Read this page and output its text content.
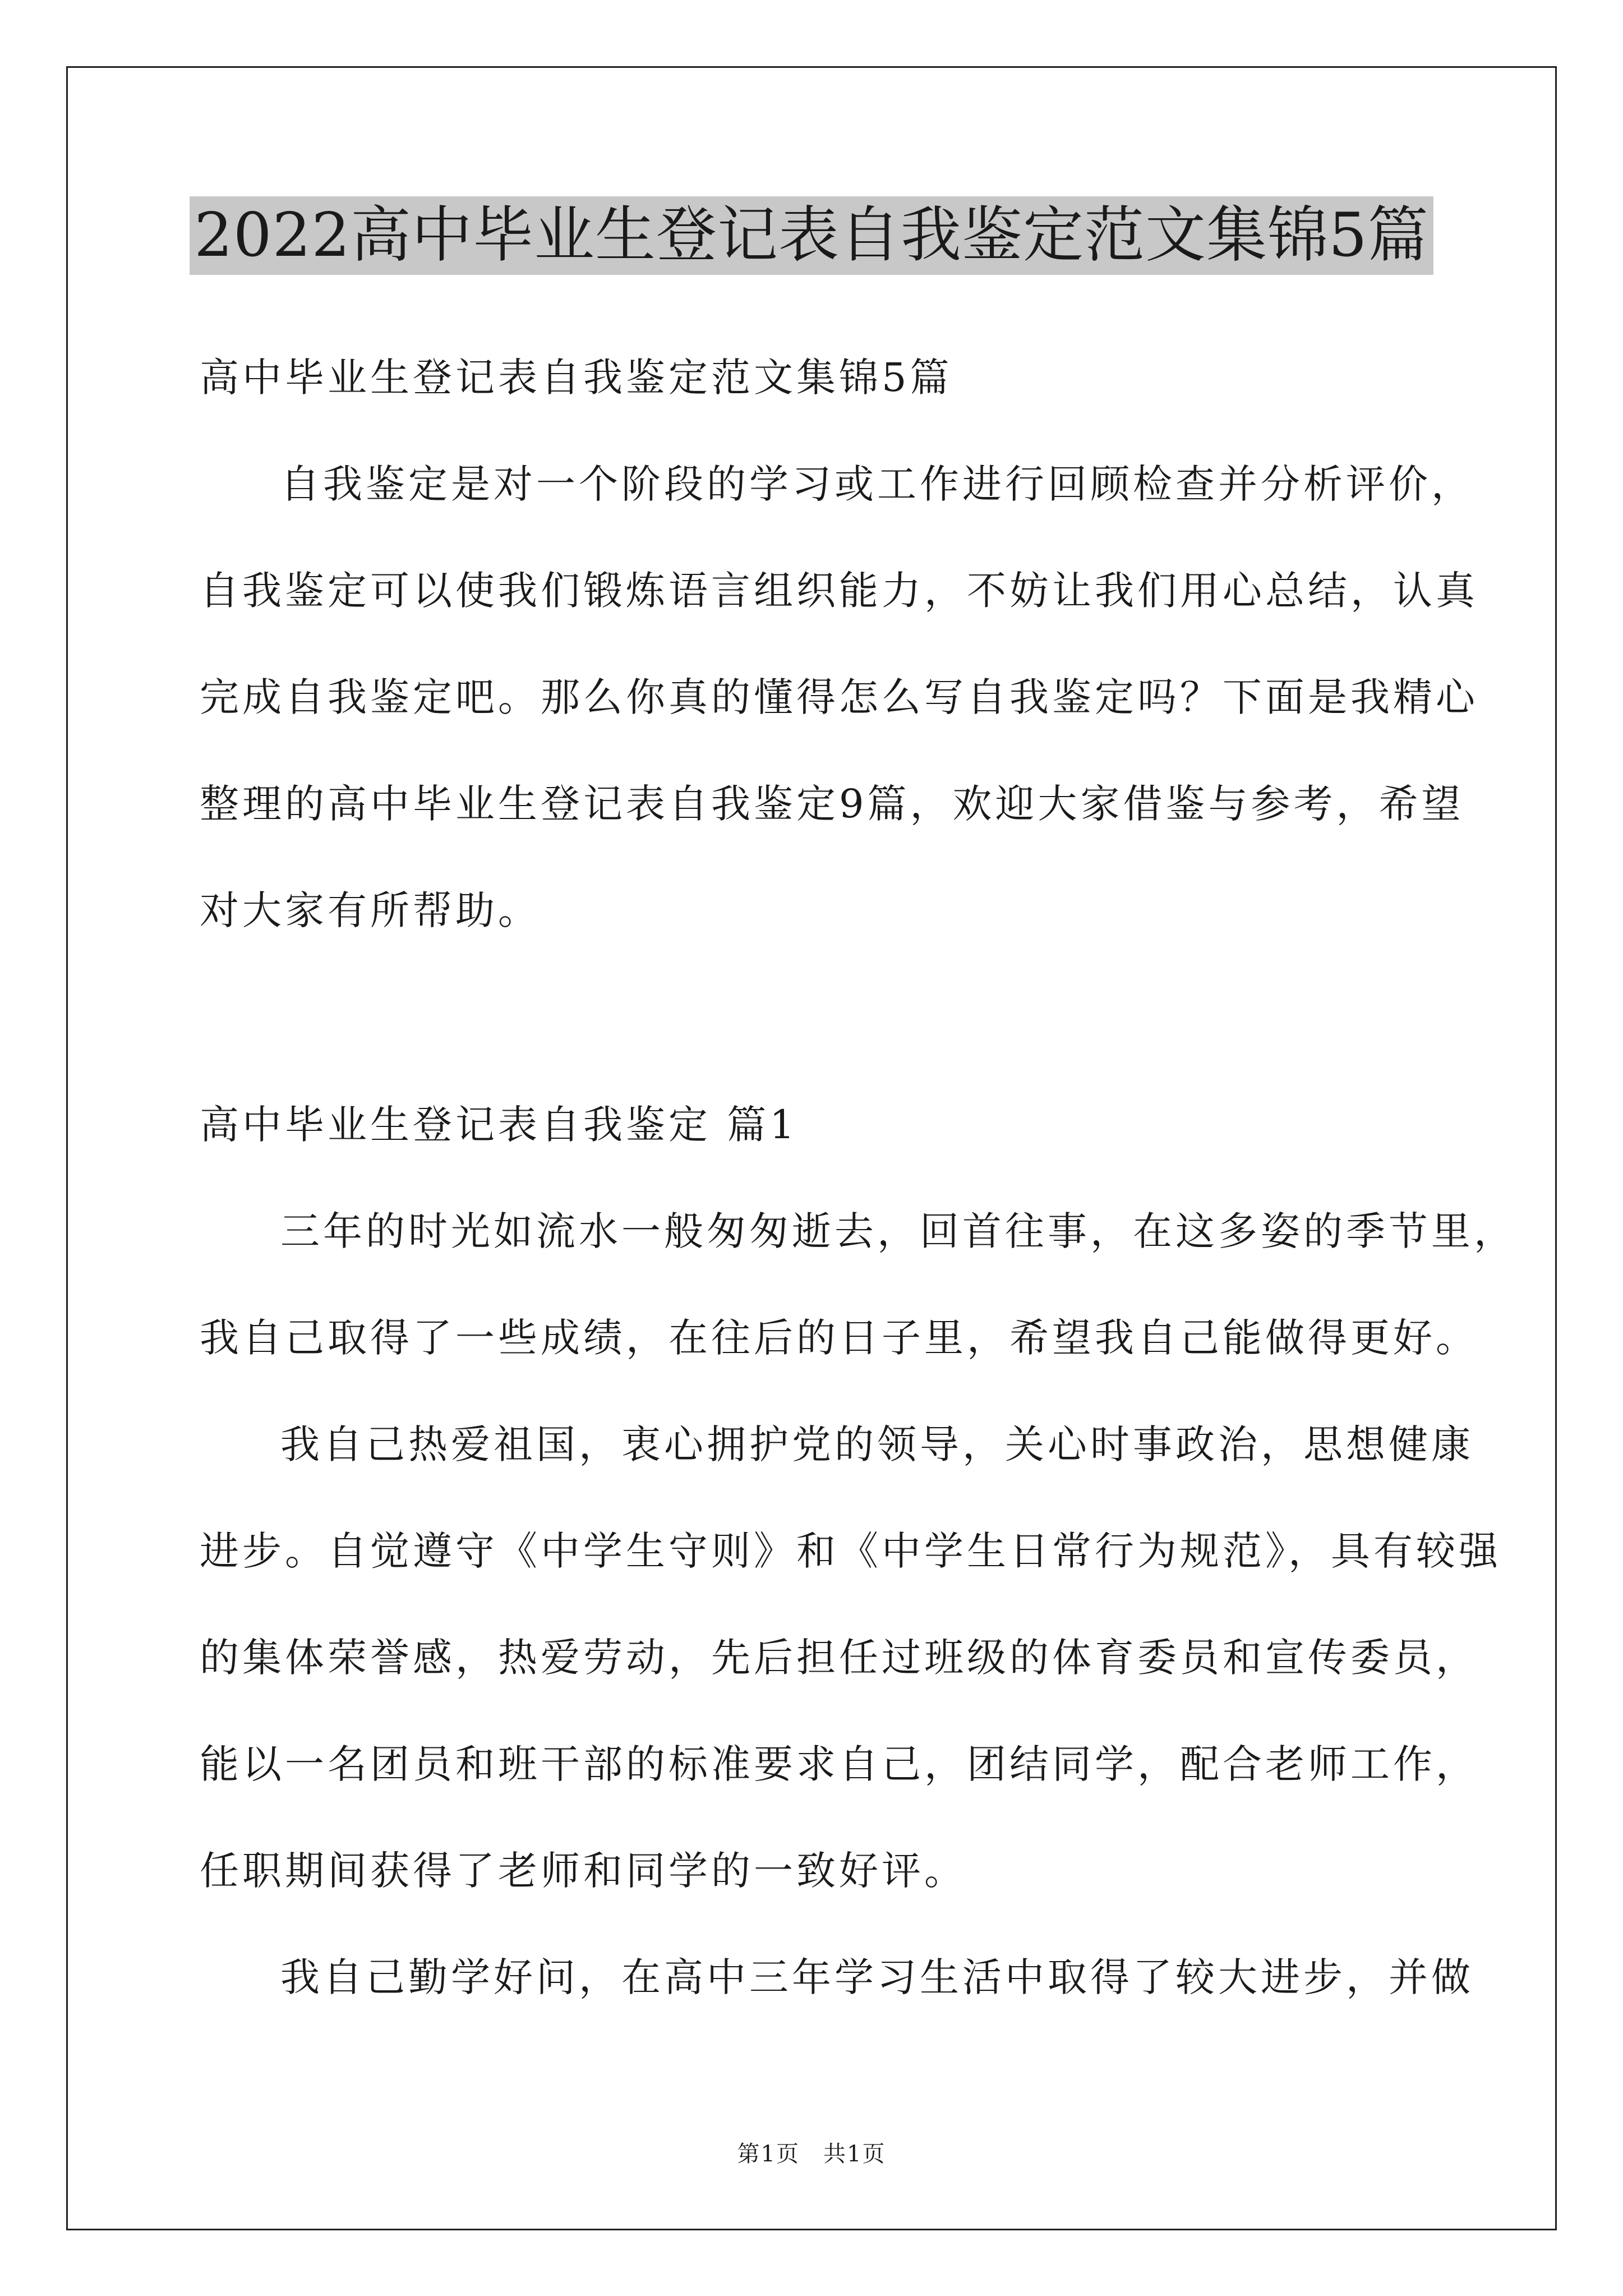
2022高中毕业生登记表自我鉴定范文集锦5篇
高中毕业生登记表自我鉴定范文集锦5篇
自我鉴定是对一个阶段的学习或工作进行回顾检查并分析评价，
自我鉴定可以使我们锻炼语言组织能力，不妨让我们用心总结，认真
完成自我鉴定吧。那么你真的懂得怎么写自我鉴定吗？下面是我精心
整理的高中毕业生登记表自我鉴定9篇，欢迎大家借鉴与参考，希望
对大家有所帮助。
高中毕业生登记表自我鉴定 篇1
三年的时光如流水一般匆匆逝去，回首往事，在这多姿的季节里，
我自己取得了一些成绩，在往后的日子里，希望我自己能做得更好。
我自己热爱祖国，衷心拥护党的领导，关心时事政治，思想健康
进步。自觉遵守《中学生守则》和《中学生日常行为规范》，具有较强
的集体荣誉感，热爱劳动，先后担任过班级的体育委员和宣传委员，
能以一名团员和班干部的标准要求自己，团结同学，配合老师工作，
任职期间获得了老师和同学的一致好评。
我自己勤学好问，在高中三年学习生活中取得了较大进步，并做
第1页　共1页
